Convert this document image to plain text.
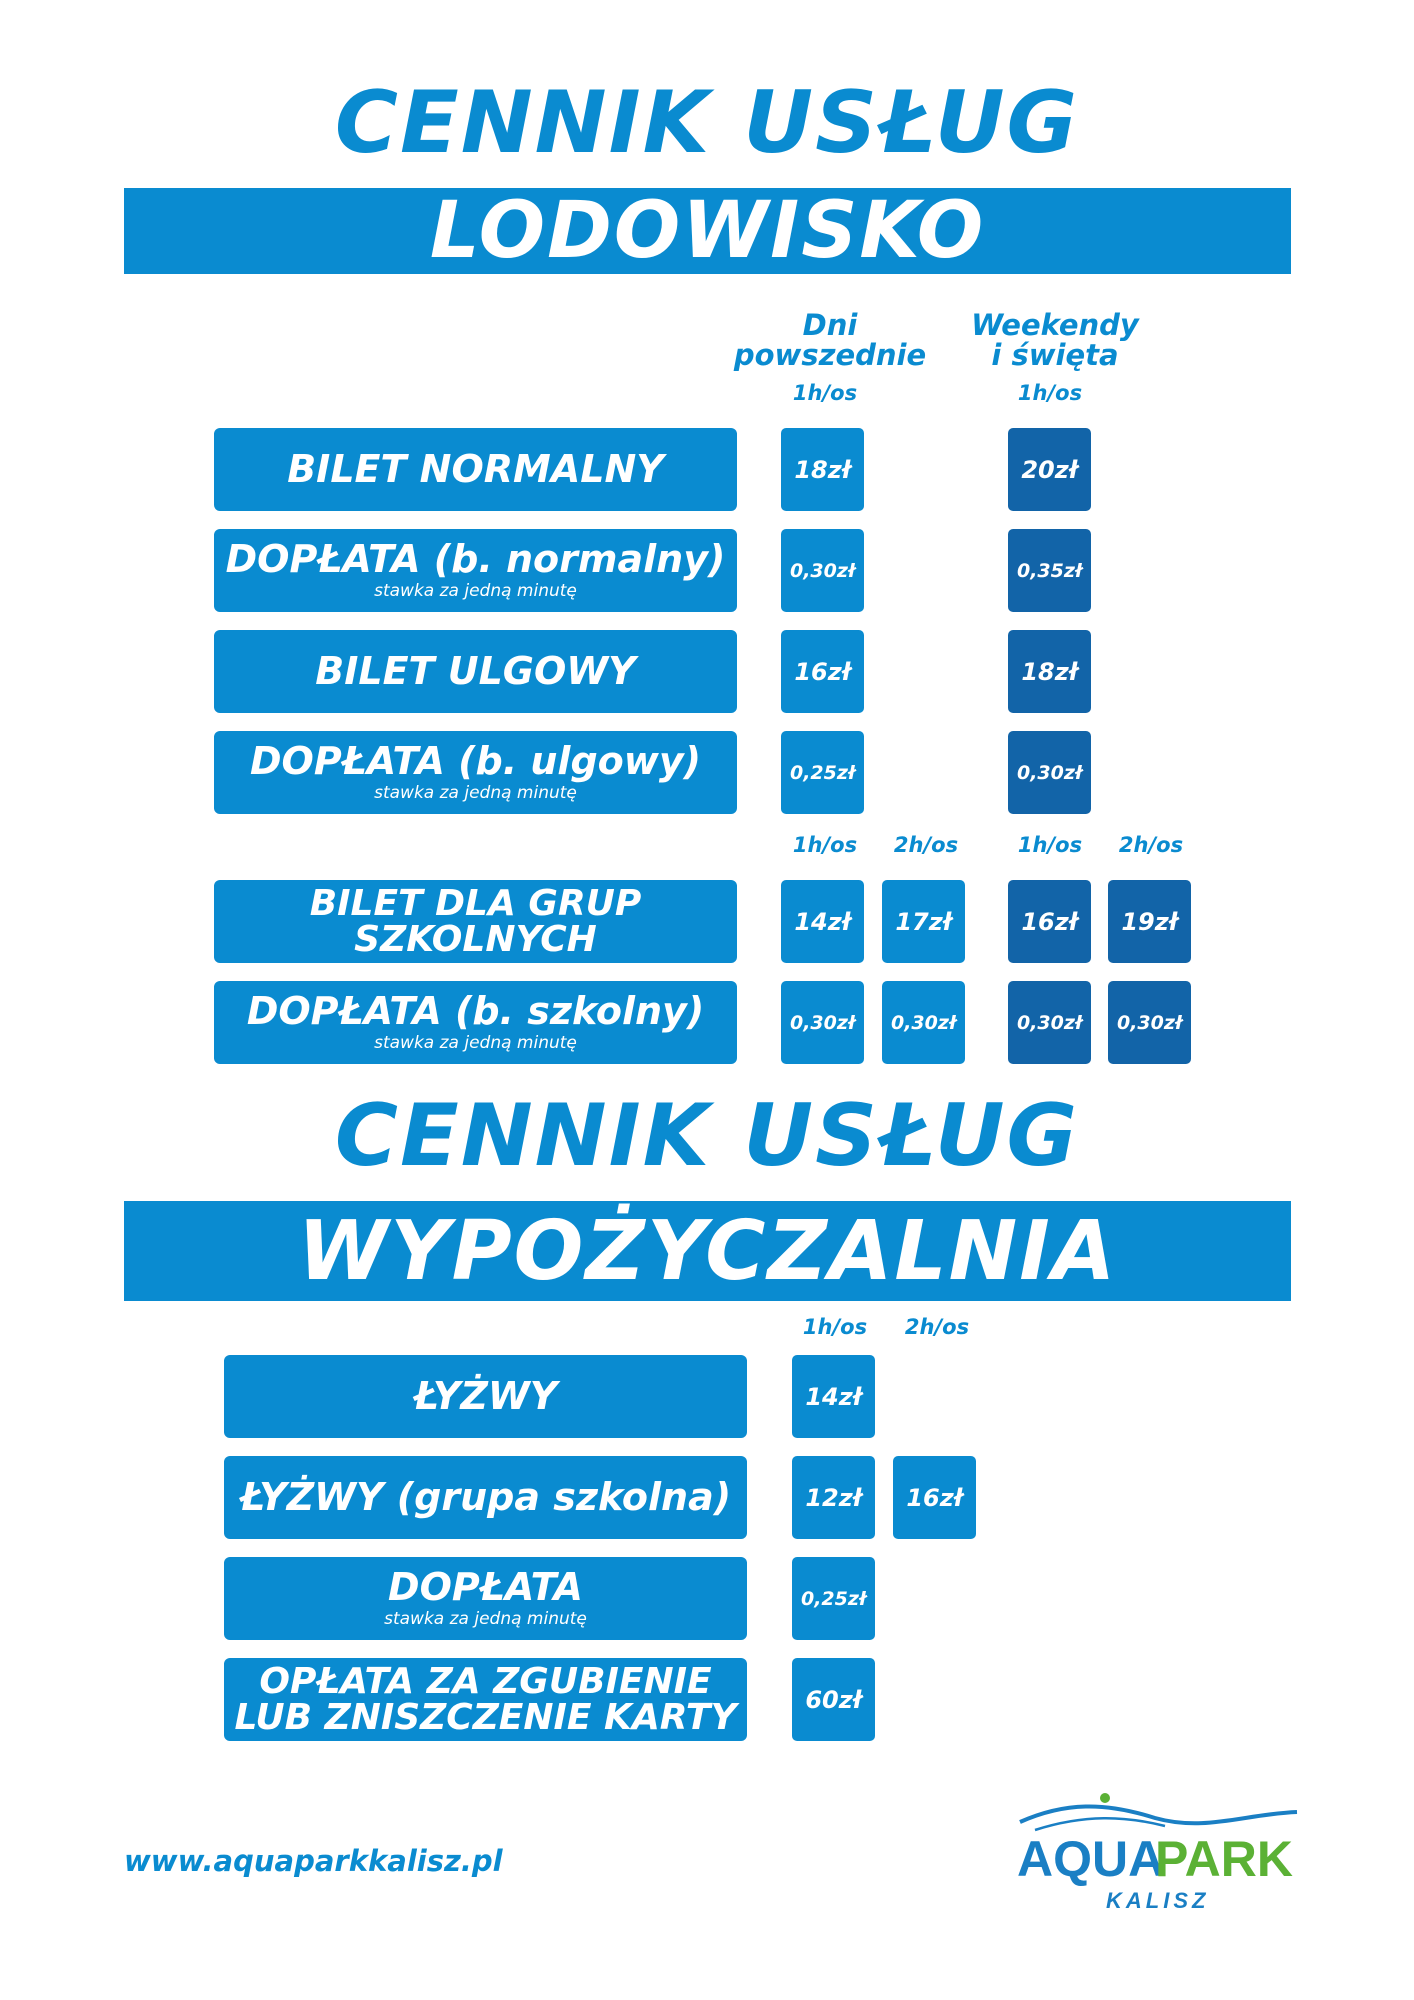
CENNIK USŁUG
LODOWISKO
Dni
powszednie
Weekendy
i święta
1h/os	1h/os
BILET NORMALNY	18zł	20zł
DOPŁATA (b. normalny)
stawka za jedną minutę
0,30zł	0,35zł
BILET ULGOWY	16zł	18zł
DOPŁATA (b. ulgowy)
stawka za jedną minutę
0,25zł	0,30zł
1h/os	2h/os	1h/os	2h/os
BILET DLA GRUP
SZKOLNYCH	14zł	17zł	16zł	19zł
DOPŁATA (b. szkolny)
stawka za jedną minutę
0,30zł	0,30zł	0,30zł	0,30zł
CENNIK USŁUG
WYPOŻYCZALNIA
1h/os	2h/os
ŁYŻWY	14zł
ŁYŻWY (grupa szkolna)	12zł	16zł
DOPŁATA
stawka za jedną minutę
0,25zł
OPŁATA ZA ZGUBIENIE
LUB ZNISZCZENIE KARTY	60zł
www.aquaparkkalisz.pl	AQUA
PARK
KALISZ
